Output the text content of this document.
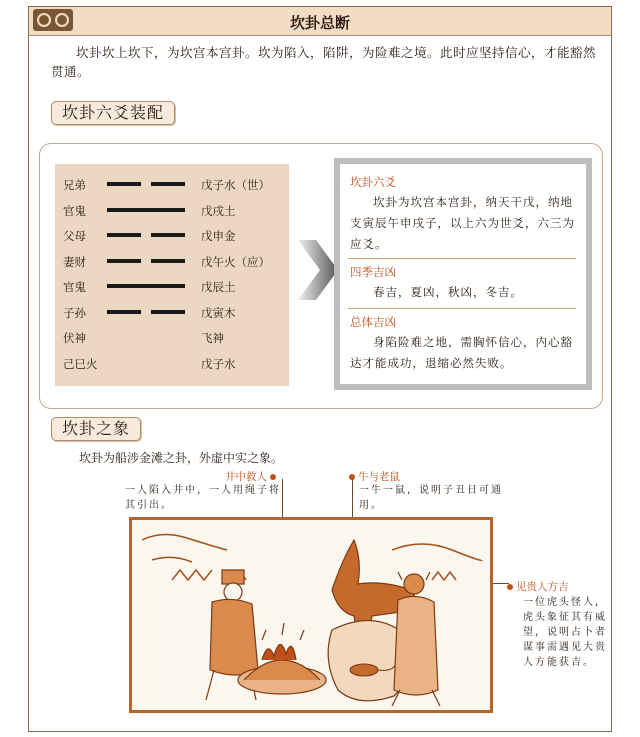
坎卦总断
坎卦坎上坎下，为坎宫本宫卦。坎为陷入，陷阱，为险难之境。此时应坚持信心，才能豁然贯通。
坎卦六爻装配
兄弟	戊子水（世）
官鬼	戊戌土
父母	戊申金
妻财	戊午火（应）
官鬼	戊辰土
子孙	戊寅木
伏神	飞神
己巳火	戊子水
坎卦六爻
坎卦为坎宫本宫卦，纳天干戊，纳地支寅辰午申戌子，以上六为世爻，六三为应爻。
四季吉凶
春吉，夏凶，秋凶，冬吉。
总体吉凶
身陷险难之地，需胸怀信心，内心豁达才能成功，退缩必然失败。
坎卦之象
坎卦为船涉金滩之卦，外虚中实之象。
井中救人
一人陷入井中，一人用绳子将其引出。
牛与老鼠
一牛一鼠，说明子丑日可通用。
见贵人方吉
一位虎头怪人，虎头象征其有威望，说明占卜者谋事需遇见大贵人方能获吉。
